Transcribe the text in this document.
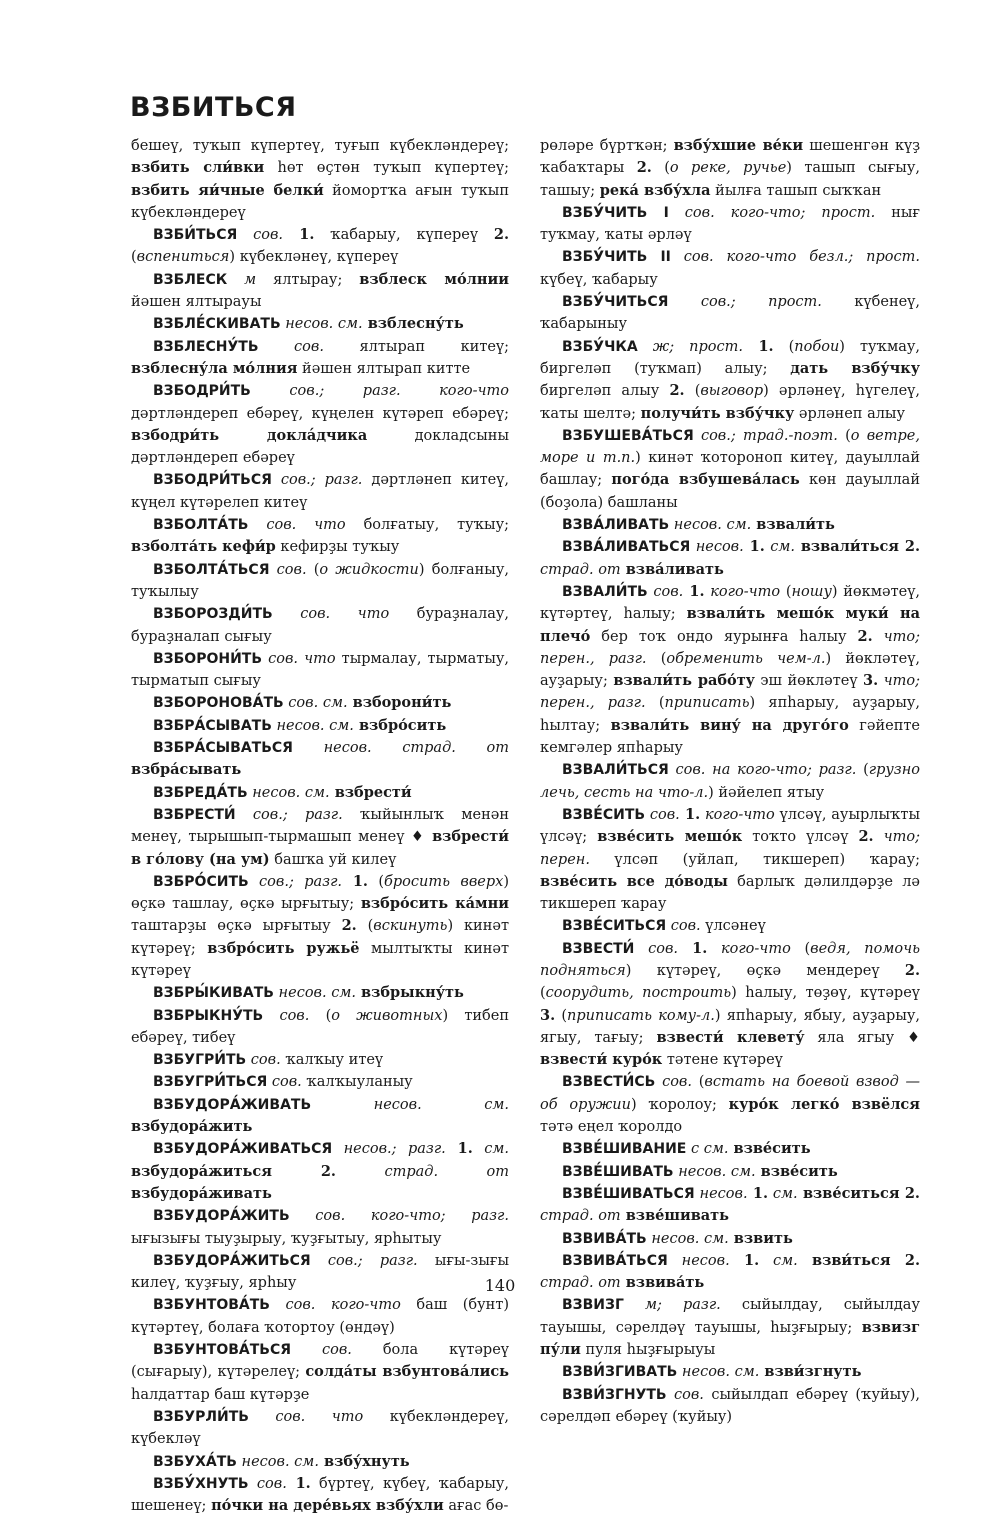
ВЗБИТЬСЯ

бешеү, туҡып күпертеү, туғып күбекләндереү; взбить сли́вки һөт өҫтөн туҡып күпертеү; взбить яи́чные белки́ йомортҡа ағын туҡып күбекләндереү

ВЗБИ́ТЬСЯ сов. 1. ҡабарыу, күпереү 2. (вспениться) күбекләнеү, күпереү

ВЗБЛЕСК м ялтырау; взблеск мо́лнии йәшен ялтырауы

ВЗБЛЕ́СКИВАТЬ несов. см. взблесну́ть

ВЗБЛЕСНУ́ТЬ сов. ялтырап китеү; взблесну́ла мо́лния йәшен ялтырап китте

ВЗБОДРИ́ТЬ сов.; разг. кого-что дәртләндереп ебәреү, күңелен күтәреп ебәреү; взбодри́ть доклáдчика докладсыны дәртләндереп ебәреү

ВЗБОДРИ́ТЬСЯ сов.; разг. дәртләнеп китеү, күңел күтәрелеп китеү

ВЗБОЛТА́ТЬ сов. что болғатыу, туҡыу; взболта́ть кефи́р кефирҙы туҡыу

ВЗБОЛТА́ТЬСЯ сов. (о жидкости) болғаныу, туҡылыу

ВЗБОРОЗДИ́ТЬ сов. что бураҙналау, бураҙналап сығыу

ВЗБОРОНИ́ТЬ сов. что тырмалау, тырматыу, тырматып сығыу

ВЗБОРОНОВА́ТЬ сов. см. взборони́ть

ВЗБРА́СЫВАТЬ несов. см. взбро́сить

ВЗБРА́СЫВАТЬСЯ несов. страд. от взбра́сывать

ВЗБРЕДА́ТЬ несов. см. взбрести́

ВЗБРЕСТИ́ сов.; разг. ҡыйынлыҡ менән менеү, тырышып-тырмашып менеү ♦ взбрести́ в го́лову (на ум) башҡа уй килеү

ВЗБРО́СИТЬ сов.; разг. 1. (бросить вверх) өҫкә ташлау, өҫкә ырғытыу; взбро́сить ка́мни таштарҙы өҫкә ырғытыу 2. (вскинуть) кинәт күтәреү; взбро́сить ружьё мылтыҡты кинәт күтәреү

ВЗБРЫ́КИВАТЬ несов. см. взбрыкну́ть

ВЗБРЫКНУ́ТЬ сов. (о животных) тибеп ебәреү, тибеү

ВЗБУГРИ́ТЬ сов. ҡалҡыу итеү

ВЗБУГРИ́ТЬСЯ сов. ҡалҡыуланыу

ВЗБУДОРА́ЖИВАТЬ несов. см. взбудора́жить

ВЗБУДОРА́ЖИВАТЬСЯ несов.; разг. 1. см. взбудора́житься 2. страд. от взбудора́живать

ВЗБУДОРА́ЖИТЬ сов. кого-что; разг. ығызығы тыуҙырыу, ҡуҙғытыу, ярһытыу

ВЗБУДОРА́ЖИТЬСЯ сов.; разг. ығы-зығы килеү, ҡуҙғыу, ярһыу

ВЗБУНТОВА́ТЬ сов. кого-что баш (бунт) күтәртеү, болаға ҡотортоу (өндәү)

ВЗБУНТОВА́ТЬСЯ сов. бола күтәреү (сығарыу), күтәрелеү; солда́ты взбунтова́лись һалдаттар баш күтәрҙе

ВЗБУРЛИ́ТЬ сов. что күбекләндереү, күбекләү

ВЗБУХА́ТЬ несов. см. взбу́хнуть

ВЗБУ́ХНУТЬ сов. 1. бүртеү, күбеү, ҡабарыу, шешенеү; по́чки на дере́вьях взбу́хли ағас бө-

рөләре бүртҡән; взбу́хшие ве́ки шешенгән күҙ ҡабаҡтары 2. (о реке, ручье) ташып сығыу, ташыу; река́ взбу́хла йылға ташып сыҡҡан

ВЗБУ́ЧИТЬ I сов. кого-что; прост. нығ туҡмау, ҡаты әрләү

ВЗБУ́ЧИТЬ II сов. кого-что безл.; прост. күбеү, ҡабарыу

ВЗБУ́ЧИТЬСЯ сов.; прост. күбенеү, ҡабарыныу

ВЗБУ́ЧКА ж; прост. 1. (побои) туҡмау, биргеләп (туҡмап) алыу; дать взбу́чку биргеләп алыу 2. (выговор) әрләнеү, һүгелеү, ҡаты шелтә; получи́ть взбу́чку әрләнеп алыу

ВЗБУШЕВА́ТЬСЯ сов.; трад.-поэт. (о ветре, море и т.п.) кинәт ҡотороноп китеү, дауыллай башлау; пого́да взбушева́лась көн дауыллай (боҙола) башланы

ВЗВА́ЛИВАТЬ несов. см. взвали́ть

ВЗВА́ЛИВАТЬСЯ несов. 1. см. взвали́ться 2. страд. от взва́ливать

ВЗВАЛИ́ТЬ сов. 1. кого-что (ношу) йөкмәтеү, күтәртеү, һалыу; взвали́ть мешо́к муки́ на плечо́ бер тоҡ ондо яурынға һалыу 2. что; перен., разг. (обременить чем-л.) йөкләтеү, ауҙарыу; взвали́ть рабо́ту эш йөкләтеү 3. что; перен., разг. (приписать) япһарыу, ауҙарыу, һылтау; взвали́ть вину́ на друго́го гәйепте кемгәлер япһарыу

ВЗВАЛИ́ТЬСЯ сов. на кого-что; разг. (грузно лечь, сесть на что-л.) йәйелеп ятыу

ВЗВЕ́СИТЬ сов. 1. кого-что үлсәү, ауырлыҡты үлсәү; взве́сить мешо́к тоҡто үлсәү 2. что; перен. үлсәп (уйлап, тикшереп) ҡарау; взве́сить все до́воды барлыҡ дәлилдәрҙе лә тикшереп ҡарау

ВЗВЕ́СИТЬСЯ сов. үлсәнеү

ВЗВЕСТИ́ сов. 1. кого-что (ведя, помочь подняться) күтәреү, өҫкә мендереү 2. (соорудить, построить) һалыу, төҙөү, күтәреү 3. (приписать кому-л.) япһарыу, ябыу, ауҙарыу, ягыу, тағыу; взвести́ клевету́ яла ягыу ♦ взвести́ куро́к тәтене күтәреү

ВЗВЕСТИ́СЬ сов. (встать на боевой взвод — об оружии) ҡоролоу; куро́к легко́ взвёлся тәтә еңел ҡоролдо

ВЗВЕ́ШИВАНИЕ с см. взве́сить

ВЗВЕ́ШИВАТЬ несов. см. взве́сить

ВЗВЕ́ШИВАТЬСЯ несов. 1. см. взве́ситься 2. страд. от взве́шивать

ВЗВИВА́ТЬ несов. см. взвить

ВЗВИВА́ТЬСЯ несов. 1. см. взви́ться 2. страд. от взвива́ть

ВЗВИЗГ м; разг. сыйылдау, сыйылдау тауышы, сәрелдәү тауышы, һыҙғырыу; взвизг пу́ли пуля һыҙғырыуы

ВЗВИ́ЗГИВАТЬ несов. см. взви́згнуть

ВЗВИ́ЗГНУТЬ сов. сыйылдап ебәреү (ҡуйыу), сәрелдәп ебәреү (ҡуйыу)

140
